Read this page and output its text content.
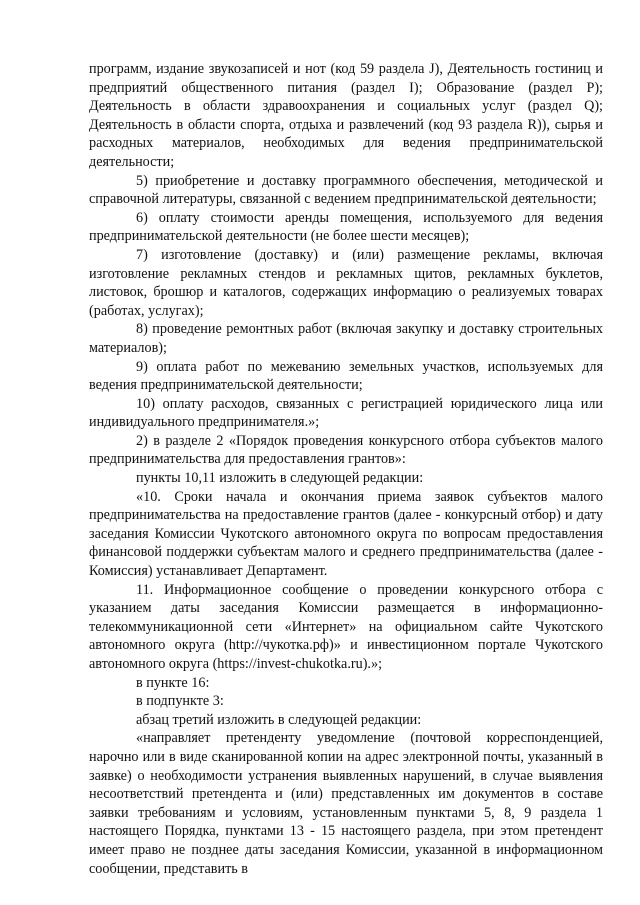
программ, издание звукозаписей и нот (код 59 раздела J), Деятельность гостиниц и предприятий общественного питания (раздел I); Образование (раздел P); Деятельность в области здравоохранения и социальных услуг (раздел Q); Деятельность в области спорта, отдыха и развлечений (код 93 раздела R)), сырья и расходных материалов, необходимых для ведения предпринимательской деятельности;

5) приобретение и доставку программного обеспечения, методической и справочной литературы, связанной с ведением предпринимательской деятельности;

6) оплату стоимости аренды помещения, используемого для ведения предпринимательской деятельности (не более шести месяцев);

7) изготовление (доставку) и (или) размещение рекламы, включая изготовление рекламных стендов и рекламных щитов, рекламных буклетов, листовок, брошюр и каталогов, содержащих информацию о реализуемых товарах (работах, услугах);

8) проведение ремонтных работ (включая закупку и доставку строительных материалов);

9) оплата работ по межеванию земельных участков, используемых для ведения предпринимательской деятельности;

10) оплату расходов, связанных с регистрацией юридического лица или индивидуального предпринимателя.»;

2) в разделе 2 «Порядок проведения конкурсного отбора субъектов малого предпринимательства для предоставления грантов»:

пункты 10,11 изложить в следующей редакции:

«10. Сроки начала и окончания приема заявок субъектов малого предпринимательства на предоставление грантов (далее - конкурсный отбор) и дату заседания Комиссии Чукотского автономного округа по вопросам предоставления финансовой поддержки субъектам малого и среднего предпринимательства (далее - Комиссия) устанавливает Департамент.

11. Информационное сообщение о проведении конкурсного отбора с указанием даты заседания Комиссии размещается в информационно-телекоммуникационной сети «Интернет» на официальном сайте Чукотского автономного округа (http://чукотка.рф)» и инвестиционном портале Чукотского автономного округа (https://invest-chukotka.ru).»;

в пункте 16:

в подпункте 3:

абзац третий изложить в следующей редакции:

«направляет претенденту уведомление (почтовой корреспонденцией, нарочно или в виде сканированной копии на адрес электронной почты, указанный в заявке) о необходимости устранения выявленных нарушений, в случае выявления несоответствий претендента и (или) представленных им документов в составе заявки требованиям и условиям, установленным пунктами 5, 8, 9 раздела 1 настоящего Порядка, пунктами 13 - 15 настоящего раздела, при этом претендент имеет право не позднее даты заседания Комиссии, указанной в информационном сообщении, представить в
